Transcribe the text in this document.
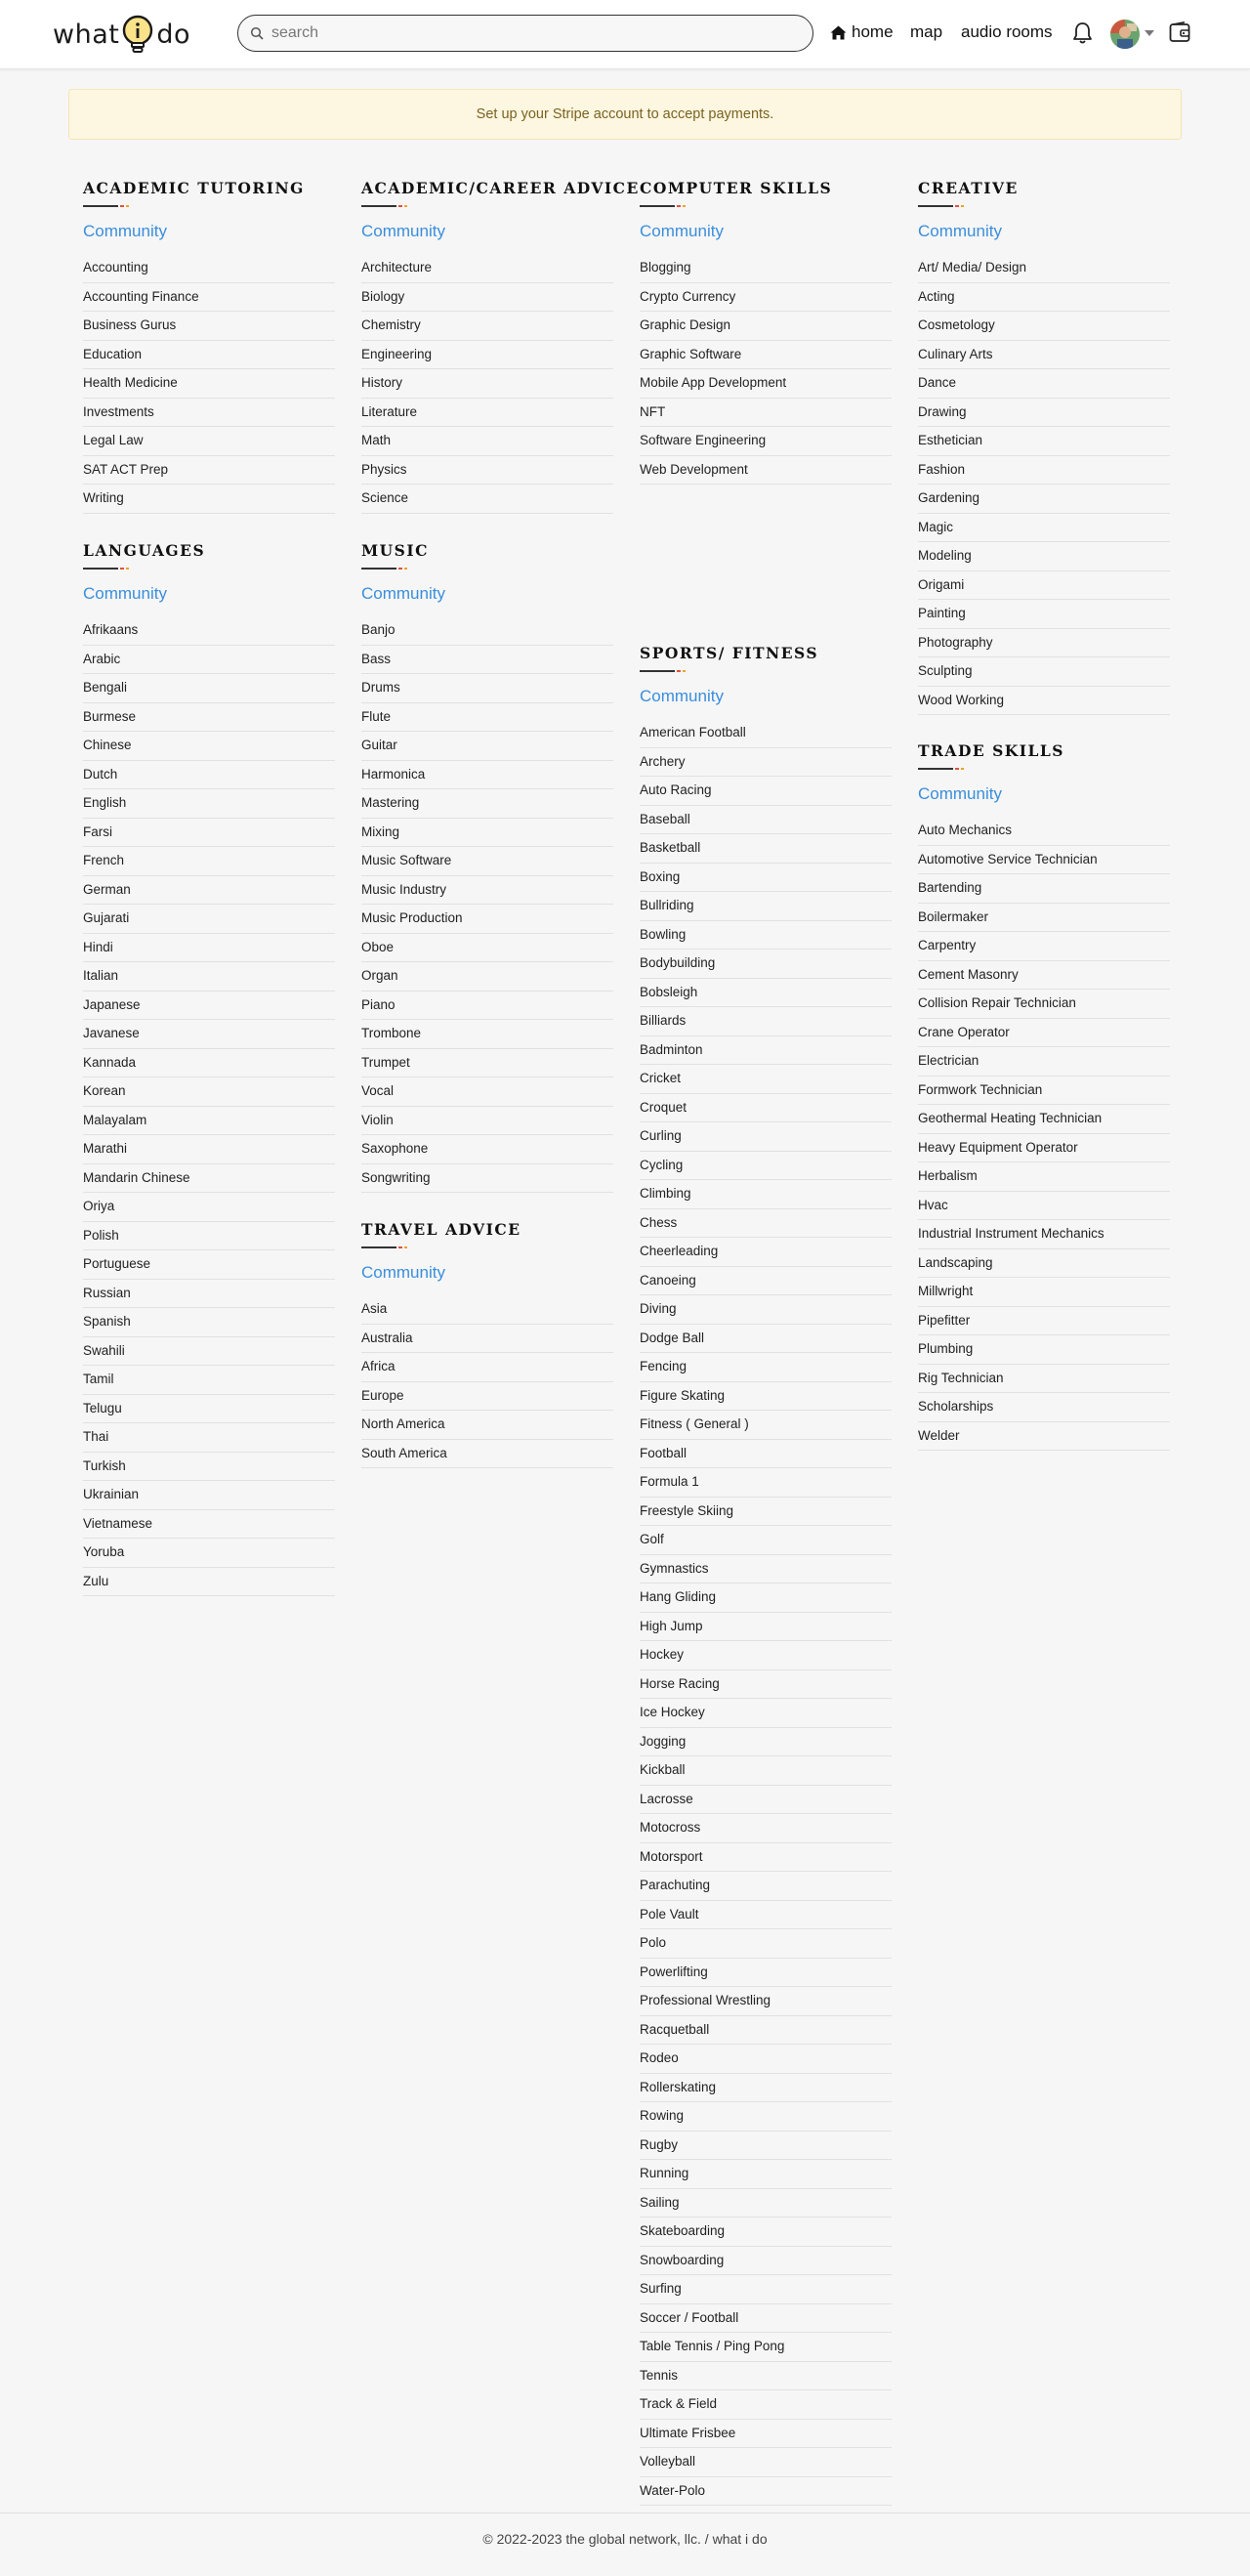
what do
search	home map audio rooms
Set up your Stripe account to accept payments.
ACADEMIC TUTORING
Community
Accounting
Accounting Finance
Business Gurus
Education
Health Medicine
Investments
Legal Law
SAT ACT Prep
Writing
LANGUAGES
Community
Afrikaans
Arabic
Bengali
Burmese
Chinese
Dutch
English
Farsi
French
German
Gujarati
Hindi
Italian
Japanese
Javanese
Kannada
Korean
Malayalam
Marathi
Mandarin Chinese
Oriya
Polish
Portuguese
Russian
Spanish
Swahili
Tamil
Telugu
Thai
Turkish
Ukrainian
Vietnamese
Yoruba
Zulu
ACADEMIC/CAREER ADVICE
Community
Architecture
Biology
Chemistry
Engineering
History
Literature
Math
Physics
Science
MUSIC
Community
Banjo
Bass
Drums
Flute
Guitar
Harmonica
Mastering
Mixing
Music Software
Music Industry
Music Production
Oboe
Organ
Piano
Trombone
Trumpet
Vocal
Violin
Saxophone
Songwriting
TRAVEL ADVICE
Community
Asia
Australia
Africa
Europe
North America
South America
COMPUTER SKILLS
Community
Blogging
Crypto Currency
Graphic Design
Graphic Software
Mobile App Development
NFT
Software Engineering
Web Development
SPORTS/ FITNESS
Community
American Football
Archery
Auto Racing
Baseball
Basketball
Boxing
Bullriding
Bowling
Bodybuilding
Bobsleigh
Billiards
Badminton
Cricket
Croquet
Curling
Cycling
Climbing
Chess
Cheerleading
Canoeing
Diving
Dodge Ball
Fencing
Figure Skating
Fitness ( General )
Football
Formula 1
Freestyle Skiing
Golf
Gymnastics
Hang Gliding
High Jump
Hockey
Horse Racing
Ice Hockey
Jogging
Kickball
Lacrosse
Motocross
Motorsport
Parachuting
Pole Vault
Polo
Powerlifting
Professional Wrestling
Racquetball
Rodeo
Rollerskating
Rowing
Rugby
Running
Sailing
Skateboarding
Snowboarding
Surfing
Soccer / Football
Table Tennis / Ping Pong
Tennis
Track & Field
Ultimate Frisbee
Volleyball
Water-Polo
CREATIVE
Community
Art/ Media/ Design
Acting
Cosmetology
Culinary Arts
Dance
Drawing
Esthetician
Fashion
Gardening
Magic
Modeling
Origami
Painting
Photography
Sculpting
Wood Working
TRADE SKILLS
Community
Auto Mechanics
Automotive Service Technician
Bartending
Boilermaker
Carpentry
Cement Masonry
Collision Repair Technician
Crane Operator
Electrician
Formwork Technician
Geothermal Heating Technician
Heavy Equipment Operator
Herbalism
Hvac
Industrial Instrument Mechanics
Landscaping
Millwright
Pipefitter
Plumbing
Rig Technician
Scholarships
Welder
© 2022-2023 the global network, llc. / what i do
